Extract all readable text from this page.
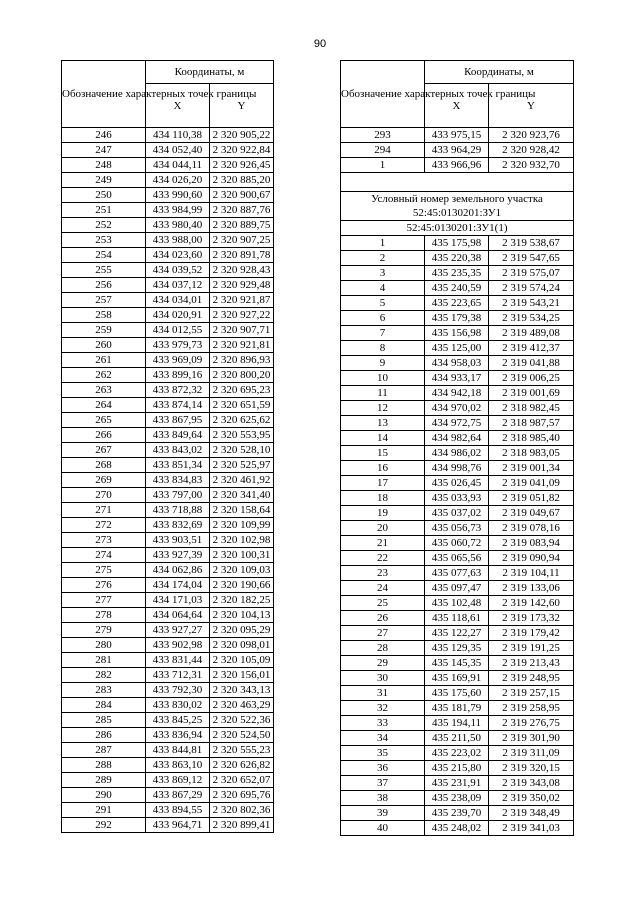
90
Обозначение характерных точек границы	Координаты, м	
	X	Y
246	434 110,38	2 320 905,22
247	434 052,40	2 320 922,84
248	434 044,11	2 320 926,45
249	434 026,20	2 320 885,20
250	433 990,60	2 320 900,67
251	433 984,99	2 320 887,76
252	433 980,40	2 320 889,75
253	433 988,00	2 320 907,25
254	434 023,60	2 320 891,78
255	434 039,52	2 320 928,43
256	434 037,12	2 320 929,48
257	434 034,01	2 320 921,87
258	434 020,91	2 320 927,22
259	434 012,55	2 320 907,71
260	433 979,73	2 320 921,81
261	433 969,09	2 320 896,93
262	433 899,16	2 320 800,20
263	433 872,32	2 320 695,23
264	433 874,14	2 320 651,59
265	433 867,95	2 320 625,62
266	433 849,64	2 320 553,95
267	433 843,02	2 320 528,10
268	433 851,34	2 320 525,97
269	433 834,83	2 320 461,92
270	433 797,00	2 320 341,40
271	433 718,88	2 320 158,64
272	433 832,69	2 320 109,99
273	433 903,51	2 320 102,98
274	433 927,39	2 320 100,31
275	434 062,86	2 320 109,03
276	434 174,04	2 320 190,66
277	434 171,03	2 320 182,25
278	434 064,64	2 320 104,13
279	433 927,27	2 320 095,29
280	433 902,98	2 320 098,01
281	433 831,44	2 320 105,09
282	433 712,31	2 320 156,01
283	433 792,30	2 320 343,13
284	433 830,02	2 320 463,29
285	433 845,25	2 320 522,36
286	433 836,94	2 320 524,50
287	433 844,81	2 320 555,23
288	433 863,10	2 320 626,82
289	433 869,12	2 320 652,07
290	433 867,29	2 320 695,76
291	433 894,55	2 320 802,36
292	433 964,71	2 320 899,41
Обозначение характерных точек границы	Координаты, м	
	X	Y
293	433 975,15	2 320 923,76
294	433 964,29	2 320 928,42
1	433 966,96	2 320 932,70

Условный номер земельного участка
52:45:0130201:ЗУ1		
52:45:0130201:ЗУ1(1)		
1	435 175,98	2 319 538,67
2	435 220,38	2 319 547,65
3	435 235,35	2 319 575,07
4	435 240,59	2 319 574,24
5	435 223,65	2 319 543,21
6	435 179,38	2 319 534,25
7	435 156,98	2 319 489,08
8	435 125,00	2 319 412,37
9	434 958,03	2 319 041,88
10	434 933,17	2 319 006,25
11	434 942,18	2 319 001,69
12	434 970,02	2 318 982,45
13	434 972,75	2 318 987,57
14	434 982,64	2 318 985,40
15	434 986,02	2 318 983,05
16	434 998,76	2 319 001,34
17	435 026,45	2 319 041,09
18	435 033,93	2 319 051,82
19	435 037,02	2 319 049,67
20	435 056,73	2 319 078,16
21	435 060,72	2 319 083,94
22	435 065,56	2 319 090,94
23	435 077,63	2 319 104,11
24	435 097,47	2 319 133,06
25	435 102,48	2 319 142,60
26	435 118,61	2 319 173,32
27	435 122,27	2 319 179,42
28	435 129,35	2 319 191,25
29	435 145,35	2 319 213,43
30	435 169,91	2 319 248,95
31	435 175,60	2 319 257,15
32	435 181,79	2 319 258,95
33	435 194,11	2 319 276,75
34	435 211,50	2 319 301,90
35	435 223,02	2 319 311,09
36	435 215,80	2 319 320,15
37	435 231,91	2 319 343,08
38	435 238,09	2 319 350,02
39	435 239,70	2 319 348,49
40	435 248,02	2 319 341,03
